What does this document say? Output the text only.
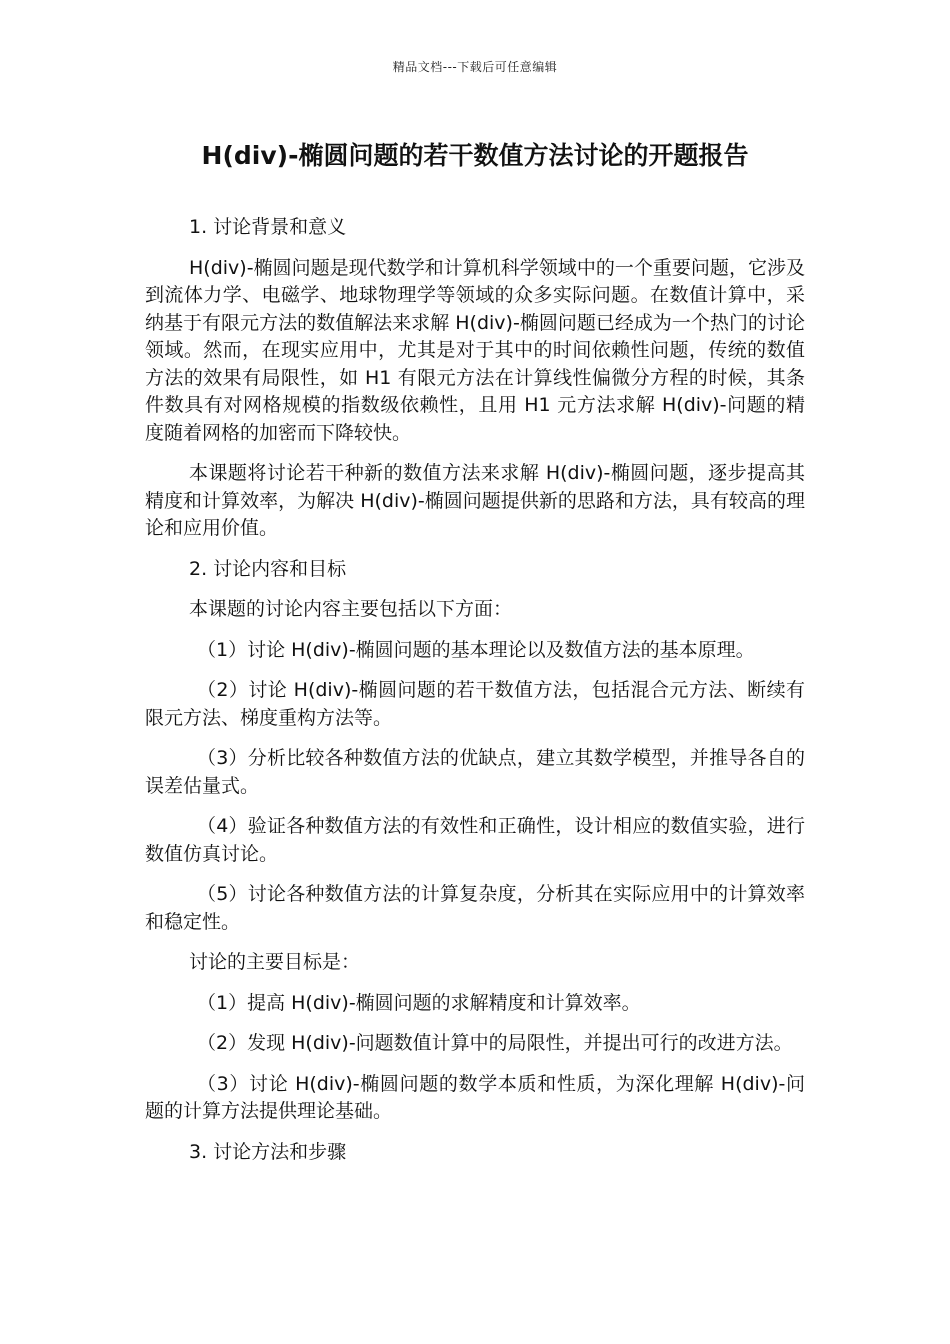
精品文档---下载后可任意编辑
H(div)-椭圆问题的若干数值方法讨论的开题报告

1. 讨论背景和意义

H(div)-椭圆问题是现代数学和计算机科学领域中的一个重要问题，它涉及到流体力学、电磁学、地球物理学等领域的众多实际问题。在数值计算中，采纳基于有限元方法的数值解法来求解 H(div)-椭圆问题已经成为一个热门的讨论领域。然而，在现实应用中，尤其是对于其中的时间依赖性问题，传统的数值方法的效果有局限性，如 H1 有限元方法在计算线性偏微分方程的时候，其条件数具有对网格规模的指数级依赖性，且用 H1 元方法求解 H(div)-问题的精度随着网格的加密而下降较快。

本课题将讨论若干种新的数值方法来求解 H(div)-椭圆问题，逐步提高其精度和计算效率，为解决 H(div)-椭圆问题提供新的思路和方法，具有较高的理论和应用价值。

2. 讨论内容和目标

本课题的讨论内容主要包括以下方面：

（1）讨论 H(div)-椭圆问题的基本理论以及数值方法的基本原理。

（2）讨论 H(div)-椭圆问题的若干数值方法，包括混合元方法、断续有限元方法、梯度重构方法等。

（3）分析比较各种数值方法的优缺点，建立其数学模型，并推导各自的误差估量式。

（4）验证各种数值方法的有效性和正确性，设计相应的数值实验，进行数值仿真讨论。

（5）讨论各种数值方法的计算复杂度，分析其在实际应用中的计算效率和稳定性。

讨论的主要目标是：

（1）提高 H(div)-椭圆问题的求解精度和计算效率。

（2）发现 H(div)-问题数值计算中的局限性，并提出可行的改进方法。

（3）讨论 H(div)-椭圆问题的数学本质和性质，为深化理解 H(div)-问题的计算方法提供理论基础。

3. 讨论方法和步骤
